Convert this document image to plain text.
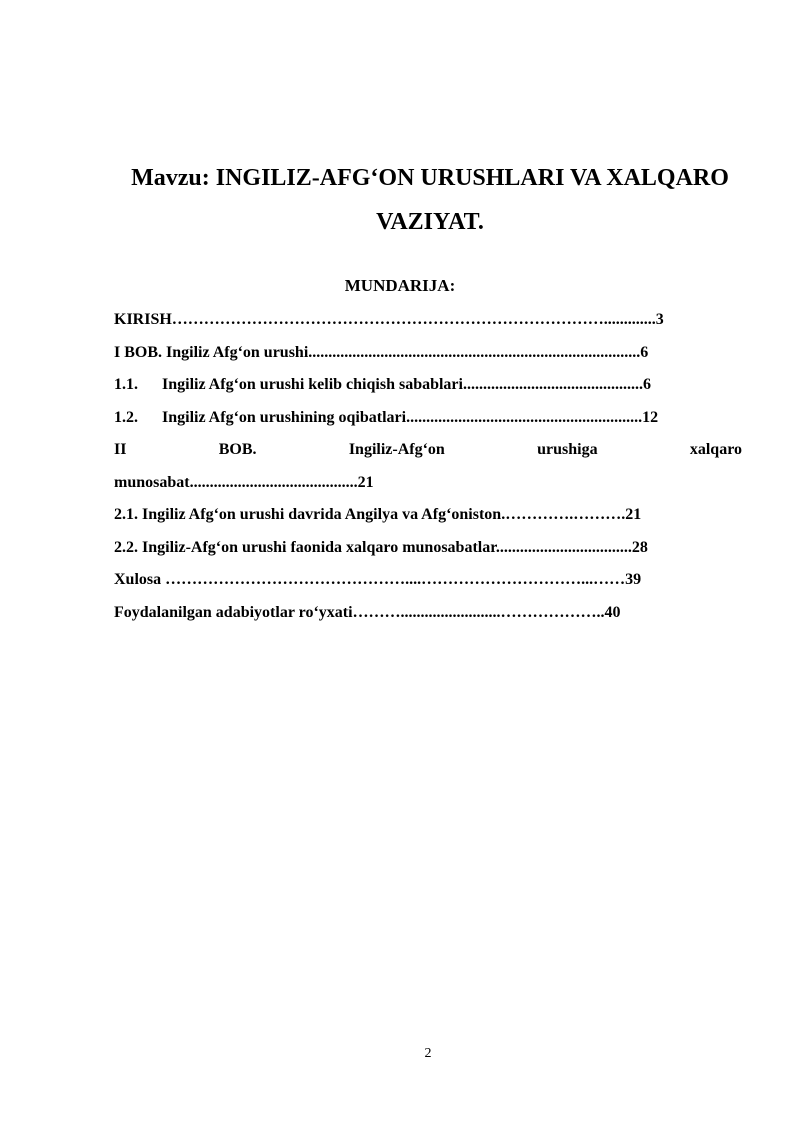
Mavzu: INGILIZ-AFG‘ON URUSHLARI VA XALQARO
VAZIYAT.
MUNDARIJA:
KIRISH……………………………………………………………………….............3
I BOB. Ingiliz Afg‘on urushi...................................................................................6
1.1. Ingiliz Afg‘on urushi kelib chiqish sabablari.............................................6
1.2. Ingiliz Afg‘on urushining oqibatlari...........................................................12
II	BOB.	Ingiliz-Afg‘on	urushiga	xalqaro
munosabat..........................................21
2.1. Ingiliz Afg‘on urushi davrida Angilya va Afg‘oniston.………….……….21
2.2. Ingiliz-Afg‘on urushi faonida xalqaro munosabatlar..................................28
Xulosa ………………………………………....…………………………...……39
Foydalanilgan adabiyotlar ro‘yxati……….........................………………..40
2
